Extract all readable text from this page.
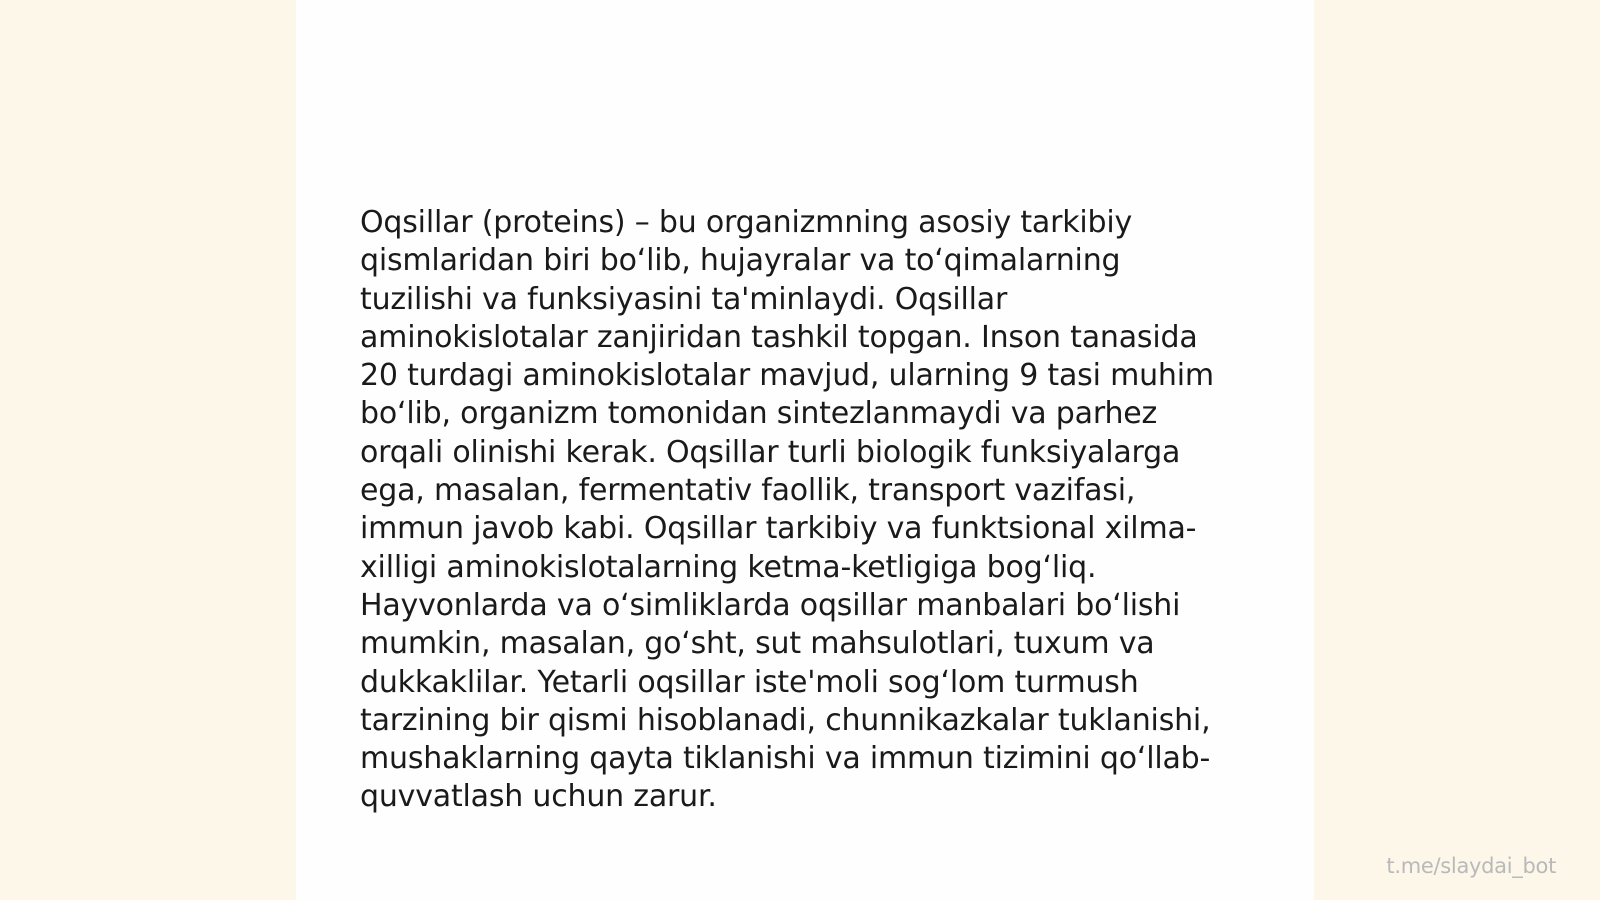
Oqsillar (proteins) – bu organizmning asosiy tarkibiy
qismlaridan biri bo‘lib, hujayralar va to‘qimalarning
tuzilishi va funksiyasini ta'minlaydi. Oqsillar
aminokislotalar zanjiridan tashkil topgan. Inson tanasida
20 turdagi aminokislotalar mavjud, ularning 9 tasi muhim
bo‘lib, organizm tomonidan sintezlanmaydi va parhez
orqali olinishi kerak. Oqsillar turli biologik funksiyalarga
ega, masalan, fermentativ faollik, transport vazifasi,
immun javob kabi. Oqsillar tarkibiy va funktsional xilma-
xilligi aminokislotalarning ketma-ketligiga bog‘liq.
Hayvonlarda va o‘simliklarda oqsillar manbalari bo‘lishi
mumkin, masalan, go‘sht, sut mahsulotlari, tuxum va
dukkaklilar. Yetarli oqsillar iste'moli sog‘lom turmush
tarzining bir qismi hisoblanadi, chunnikazkalar tuklanishi,
mushaklarning qayta tiklanishi va immun tizimini qo‘llab-
quvvatlash uchun zarur.

t.me/slaydai_bot
